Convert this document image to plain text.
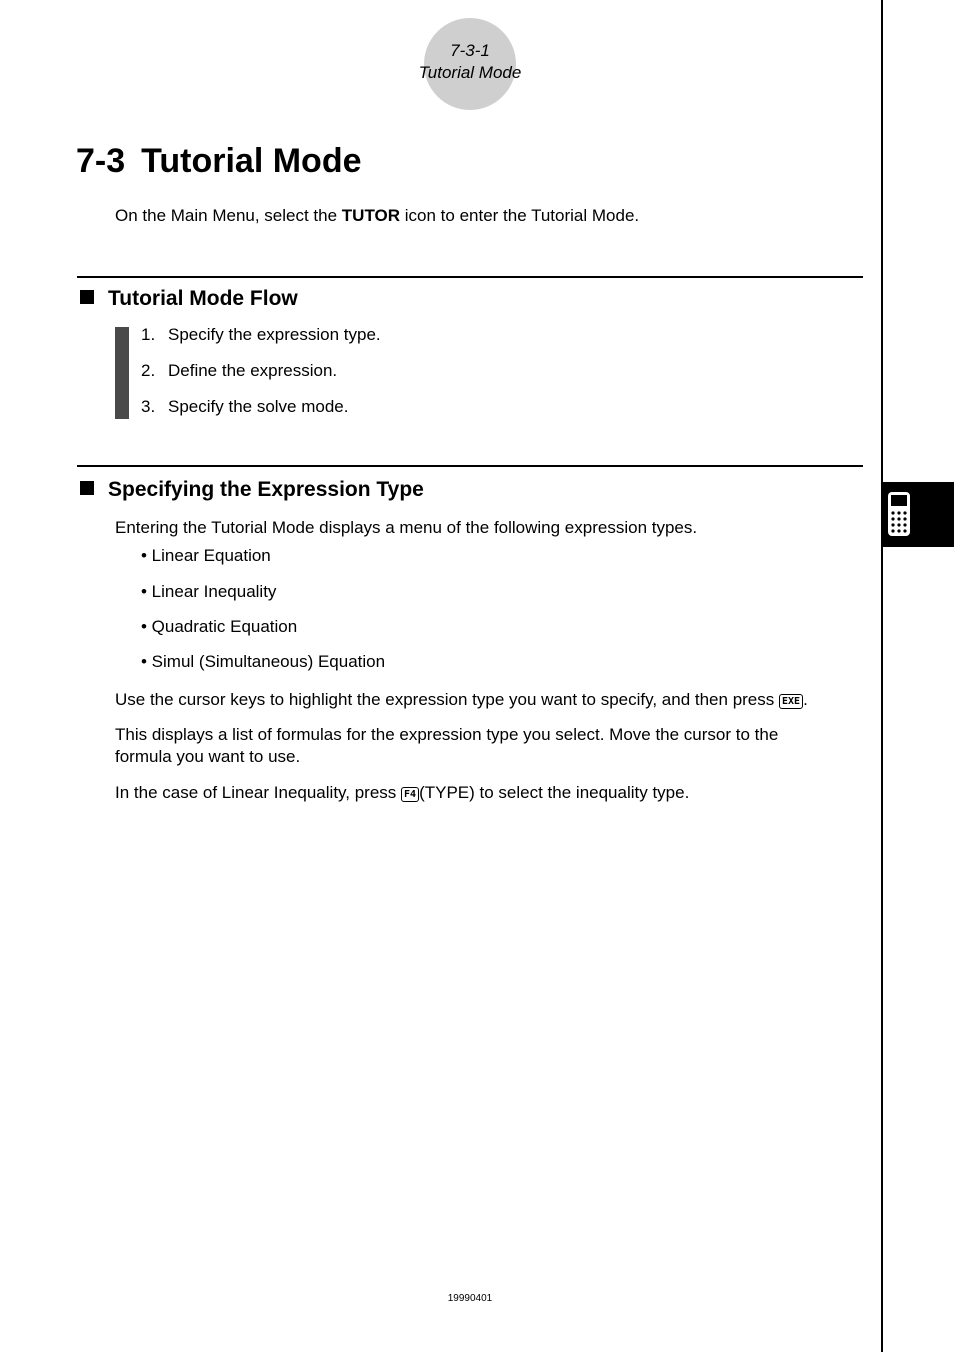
7-3-1
Tutorial Mode
7-3 Tutorial Mode
On the Main Menu, select the TUTOR icon to enter the Tutorial Mode.
Tutorial Mode Flow
1. Specify the expression type.
2. Define the expression.
3. Specify the solve mode.
Specifying the Expression Type
Entering the Tutorial Mode displays a menu of the following expression types.
• Linear Equation
• Linear Inequality
• Quadratic Equation
• Simul (Simultaneous) Equation
Use the cursor keys to highlight the expression type you want to specify, and then press EXE .
This displays a list of formulas for the expression type you select. Move the cursor to the
formula you want to use.
In the case of Linear Inequality, press F4 (TYPE) to select the inequality type.
19990401
